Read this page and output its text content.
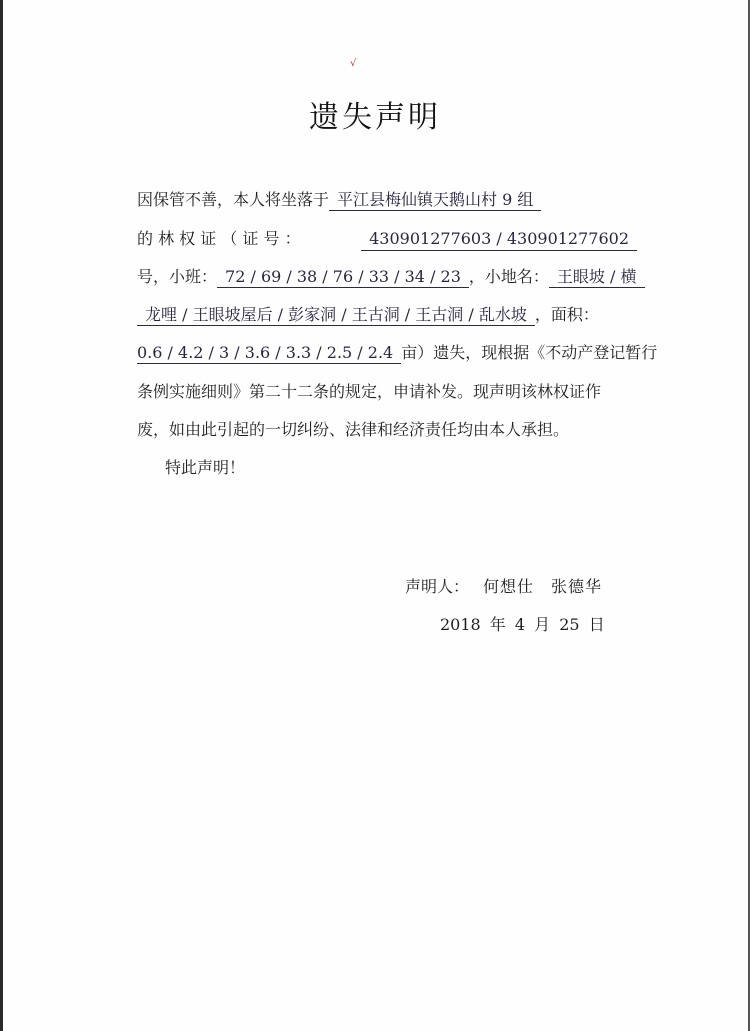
√
遗失声明
因保管不善，本人将坐落于 平江县梅仙镇天鹅山村 9 组
的 林 权 证 （ 证 号 ：	430901277603 / 430901277602
号，小班： 72 / 69 / 38 / 76 / 33 / 34 / 23 ，小地名： 王眼坡 / 横
龙哩 / 王眼坡屋后 / 彭家洞 / 王古洞 / 王古洞 / 乱水坡 ，面积：
0.6 / 4.2 / 3 / 3.6 / 3.3 / 2.5 / 2.4 亩）遗失，现根据《不动产登记暂行
条例实施细则》第二十二条的规定，申请补发。现声明该林权证作
废，如由此引起的一切纠纷、法律和经济责任均由本人承担。
特此声明！
声明人： 何想仕　张德华
2018 年 4 月 25 日
